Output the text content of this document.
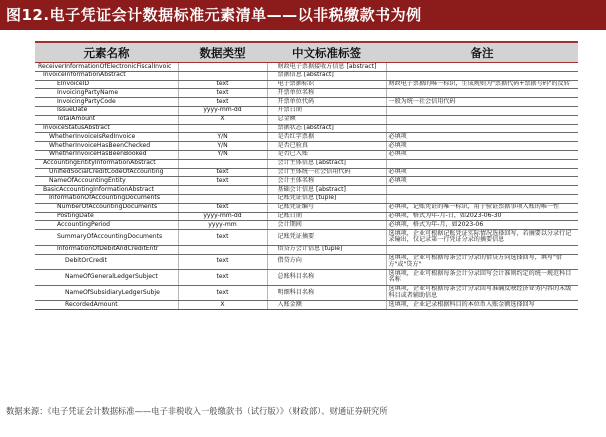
图12.电子凭证会计数据标准元素清单——以非税缴款书为例
元素名称	数据类型	中文标准标签	备注
ReceiverInformationOfElectronicFiscalInvoic		财政电子票据接收方信息 [abstract]	
InvoiceInformationAbstract		票据信息 [abstract]	
EInvoiceID	text	电子票据标识	财政电子票据的唯一标识，生成规则为"票据代码+票据号码"的反转
InvoicingPartyName	text	开票单位名称	
InvoicingPartyCode	text	开票单位代码	一般为统一社会信用代码
IssueDate	yyyy-mm-dd	开票日期	
TotalAmount	X	总金额	
InvoiceStatusAbstract		票据状态 [abstract]	
WhetherInvoiceIsRedInvoice	Y/N	是否红字票据	必填项
WhetherInvoiceHasBeenChecked	Y/N	是否已验真	必填项
WhetherInvoiceHasBeenBooked	Y/N	是否已入账	必填项
AccountingEntityInformationAbstract		会计主体信息 [abstract]	
UnifiedSocialCreditCodeOfAccounting	text	会计主体统一社会信用代码	必填项
NameOfAccountingEntity	text	会计主体名称	必填项
BasicAccountingInformationAbstract		基础会计信息 [abstract]	
InformationOfAccountingDocuments		记账凭证信息 [tuple]	
NumberOfAccountingDocuments	text	记账凭证编号	必填项，记账凭证的唯一标识，用于验证票据事项入账的唯一性
PostingDate	yyyy-mm-dd	记账日期	必填项，格式为年-月-日，如2023-06-30
AccountingPeriod	yyyy-mm	会计期间	必填项，格式为年-月，如2023-06
SummaryOfAccountingDocuments	text	记账凭证摘要	选填项，企业可根据记账凭证实际情况选择回写，若摘要以分录行记录输出，仅记录第一行凭证分录的摘要信息
InformationOfDebitAndCreditEntr		借贷方会计信息 [tuple]	
DebitOrCredit	text	借贷方向	选填项，企业可根据每条会计分录的借贷方向选择回写，填写"借方"或"贷方"
NameOfGeneralLedgerSubject	text	总账科目名称	选填项，企业可根据每条会计分录回写会计准则约定的统一规范科目名称
NameOfSubsidiaryLedgerSubje	text	明细科目名称	选填项，企业可根据每条会计分录回写准确反映经济业务内容的末级科目或者辅助信息
RecordedAmount	X	入账金额	选填项，企业记录根据科目的本位币入账金额选择回写
数据来源：《电子凭证会计数据标准——电子非税收入一般缴款书（试行版）》（财政部）、财通证券研究所
